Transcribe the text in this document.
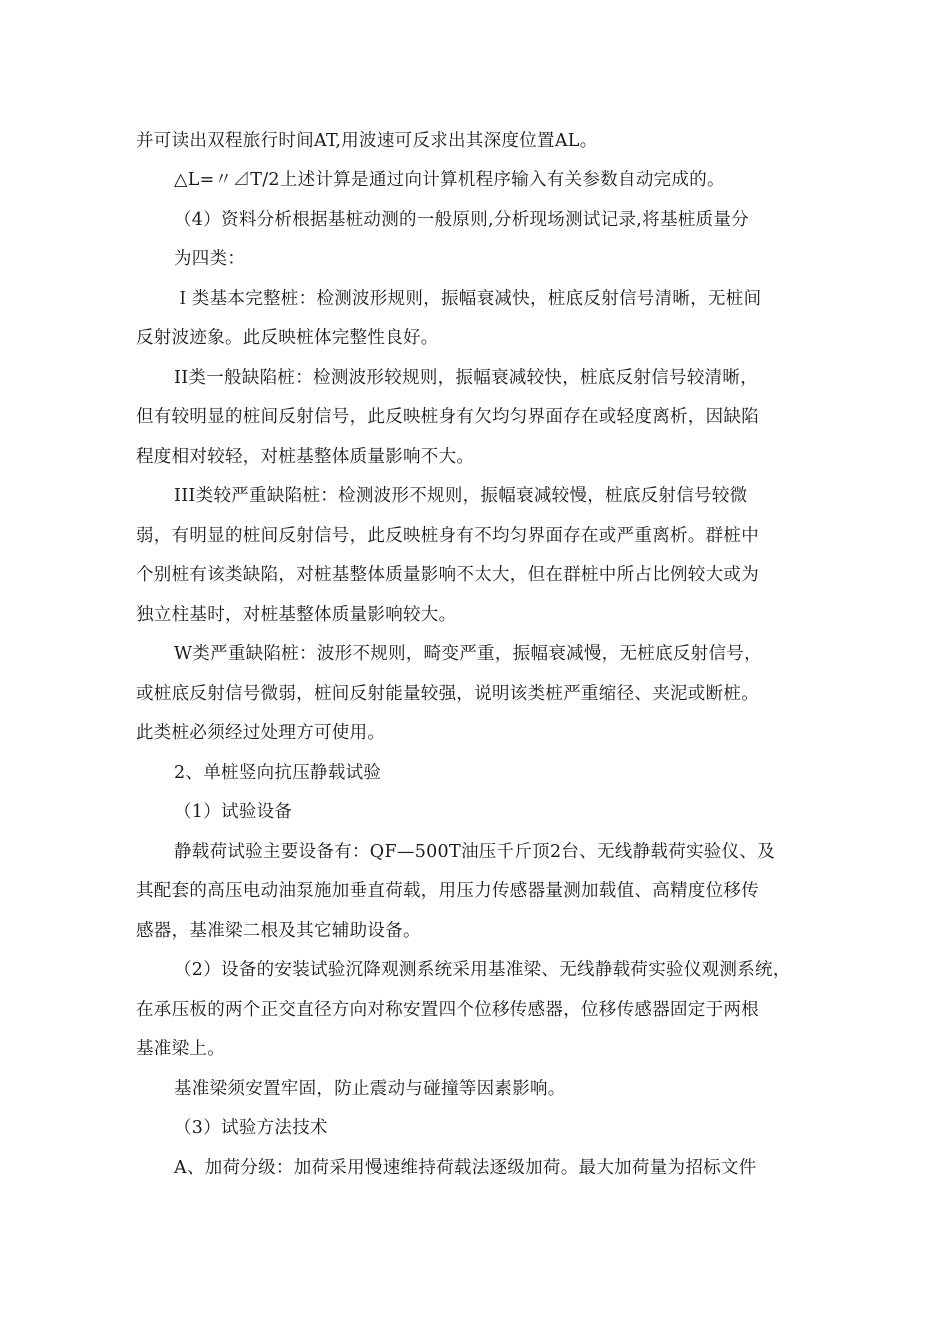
并可读出双程旅行时间AT,用波速可反求出其深度位置AL。
△L=〃⊿T/2上述计算是通过向计算机程序输入有关参数自动完成的。
（4）资料分析根据基桩动测的一般原则,分析现场测试记录,将基桩质量分
为四类：
Ｉ类基本完整桩：检测波形规则，振幅衰减快，桩底反射信号清晰，无桩间
反射波迹象。此反映桩体完整性良好。
II类一般缺陷桩：检测波形较规则，振幅衰减较快，桩底反射信号较清晰，
但有较明显的桩间反射信号，此反映桩身有欠均匀界面存在或轻度离析，因缺陷
程度相对较轻，对桩基整体质量影响不大。
III类较严重缺陷桩：检测波形不规则，振幅衰减较慢，桩底反射信号较微
弱，有明显的桩间反射信号，此反映桩身有不均匀界面存在或严重离析。群桩中
个别桩有该类缺陷，对桩基整体质量影响不太大，但在群桩中所占比例较大或为
独立柱基时，对桩基整体质量影响较大。
W类严重缺陷桩：波形不规则，畸变严重，振幅衰减慢，无桩底反射信号，
或桩底反射信号微弱，桩间反射能量较强，说明该类桩严重缩径、夹泥或断桩。
此类桩必须经过处理方可使用。
2、单桩竖向抗压静载试验
（1）试验设备
静载荷试验主要设备有：QF—500T油压千斤顶2台、无线静载荷实验仪、及
其配套的高压电动油泵施加垂直荷载，用压力传感器量测加载值、高精度位移传
感器，基准梁二根及其它辅助设备。
（2）设备的安装试验沉降观测系统采用基准梁、无线静载荷实验仪观测系统，
在承压板的两个正交直径方向对称安置四个位移传感器，位移传感器固定于两根
基准梁上。
基准梁须安置牢固，防止震动与碰撞等因素影响。
（3）试验方法技术
A、加荷分级：加荷采用慢速维持荷载法逐级加荷。最大加荷量为招标文件
